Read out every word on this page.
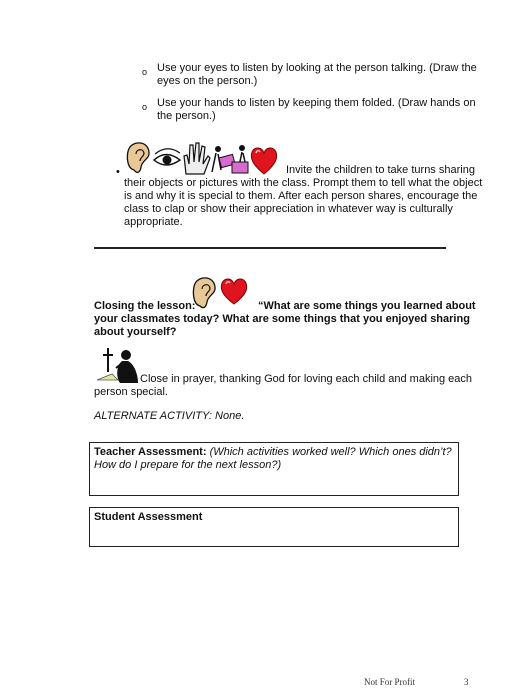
o Use your eyes to listen by looking at the person talking. (Draw the eyes on the person.)
o Use your hands to listen by keeping them folded. (Draw hands on the person.)
•	Invite the children to take turns sharing
their objects or pictures with the class. Prompt them to tell what the object is and why it is special to them. After each person shares, encourage the class to clap or show their appreciation in whatever way is culturally appropriate.
Closing the lesson:	“What are some things you learned about
your classmates today? What are some things that you enjoyed sharing about yourself?
Close in prayer, thanking God for loving each child and making each
person special.
ALTERNATE ACTIVITY: None.
Teacher Assessment: (Which activities worked well? Which ones didn’t? How do I prepare for the next lesson?)
Student Assessment
Not For Profit	3
